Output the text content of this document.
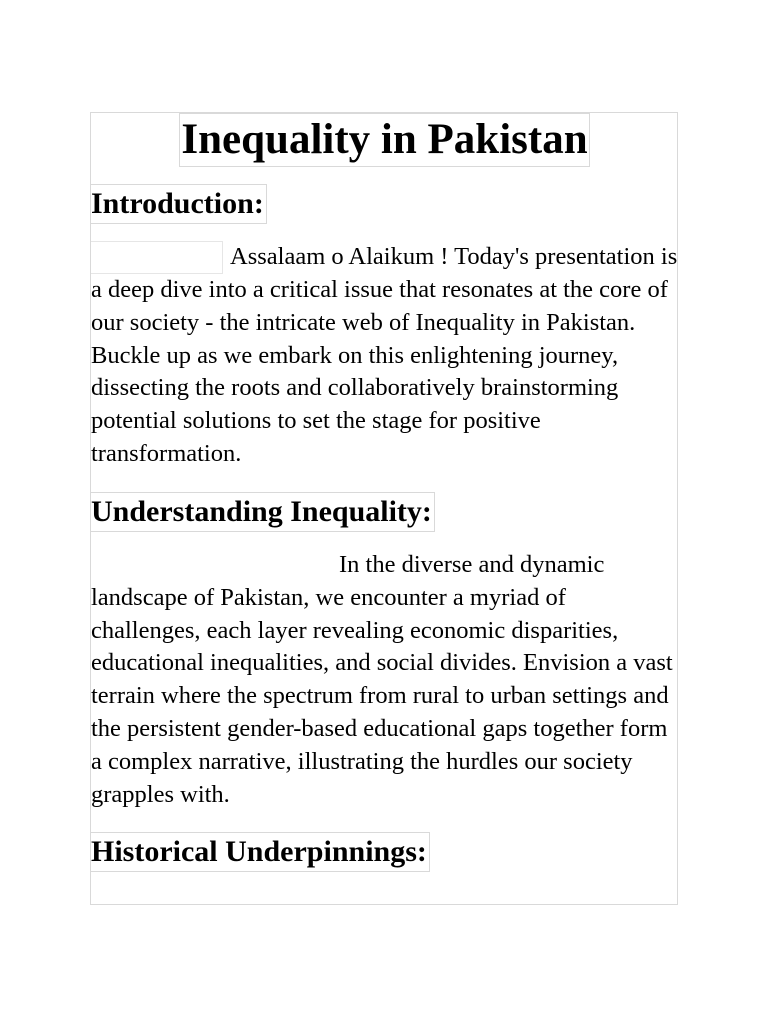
Inequality in Pakistan
Introduction:

Assalaam o Alaikum ! Today's presentation is a deep dive into a critical issue that resonates at the core of our society - the intricate web of Inequality in Pakistan. Buckle up as we embark on this enlightening journey, dissecting the roots and collaboratively brainstorming potential solutions to set the stage for positive transformation.

Understanding Inequality:

In the diverse and dynamic landscape of Pakistan, we encounter a myriad of challenges, each layer revealing economic disparities, educational inequalities, and social divides. Envision a vast terrain where the spectrum from rural to urban settings and the persistent gender-based educational gaps together form a complex narrative, illustrating the hurdles our society grapples with.

Historical Underpinnings:
